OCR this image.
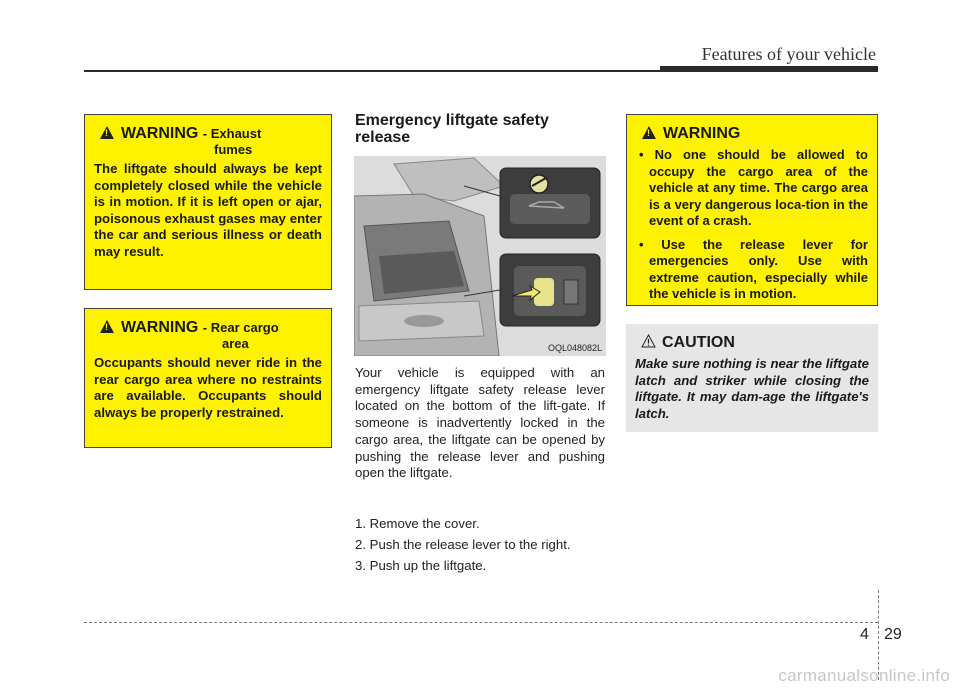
Features of your vehicle
!
WARNING - Exhaust
fumes
The liftgate should always be kept completely closed while the vehicle is in motion. If it is left open or ajar, poisonous exhaust gases may enter the car and serious illness or death may result.
!
WARNING - Rear cargo
area
Occupants should never ride in the rear cargo area where no restraints are available. Occupants should always be properly restrained.
Emergency liftgate safety release
OQL048082L
Your vehicle is equipped with an emergency liftgate safety release lever located on the bottom of the lift-gate. If someone is inadvertently locked in the cargo area, the liftgate can be opened by pushing the release lever and pushing open the liftgate.
1. Remove the cover.
2. Push the release lever to the right.
3. Push up the liftgate.
!
WARNING
• No one should be allowed to occupy the cargo area of the vehicle at any time. The cargo area is a very dangerous loca-tion in the event of a crash.
• Use the release lever for emergencies only. Use with extreme caution, especially while the vehicle is in motion.
CAUTION
Make sure nothing is near the liftgate latch and striker while closing the liftgate. It may dam-age the liftgate's latch.
4 29
carmanualsonline.info
